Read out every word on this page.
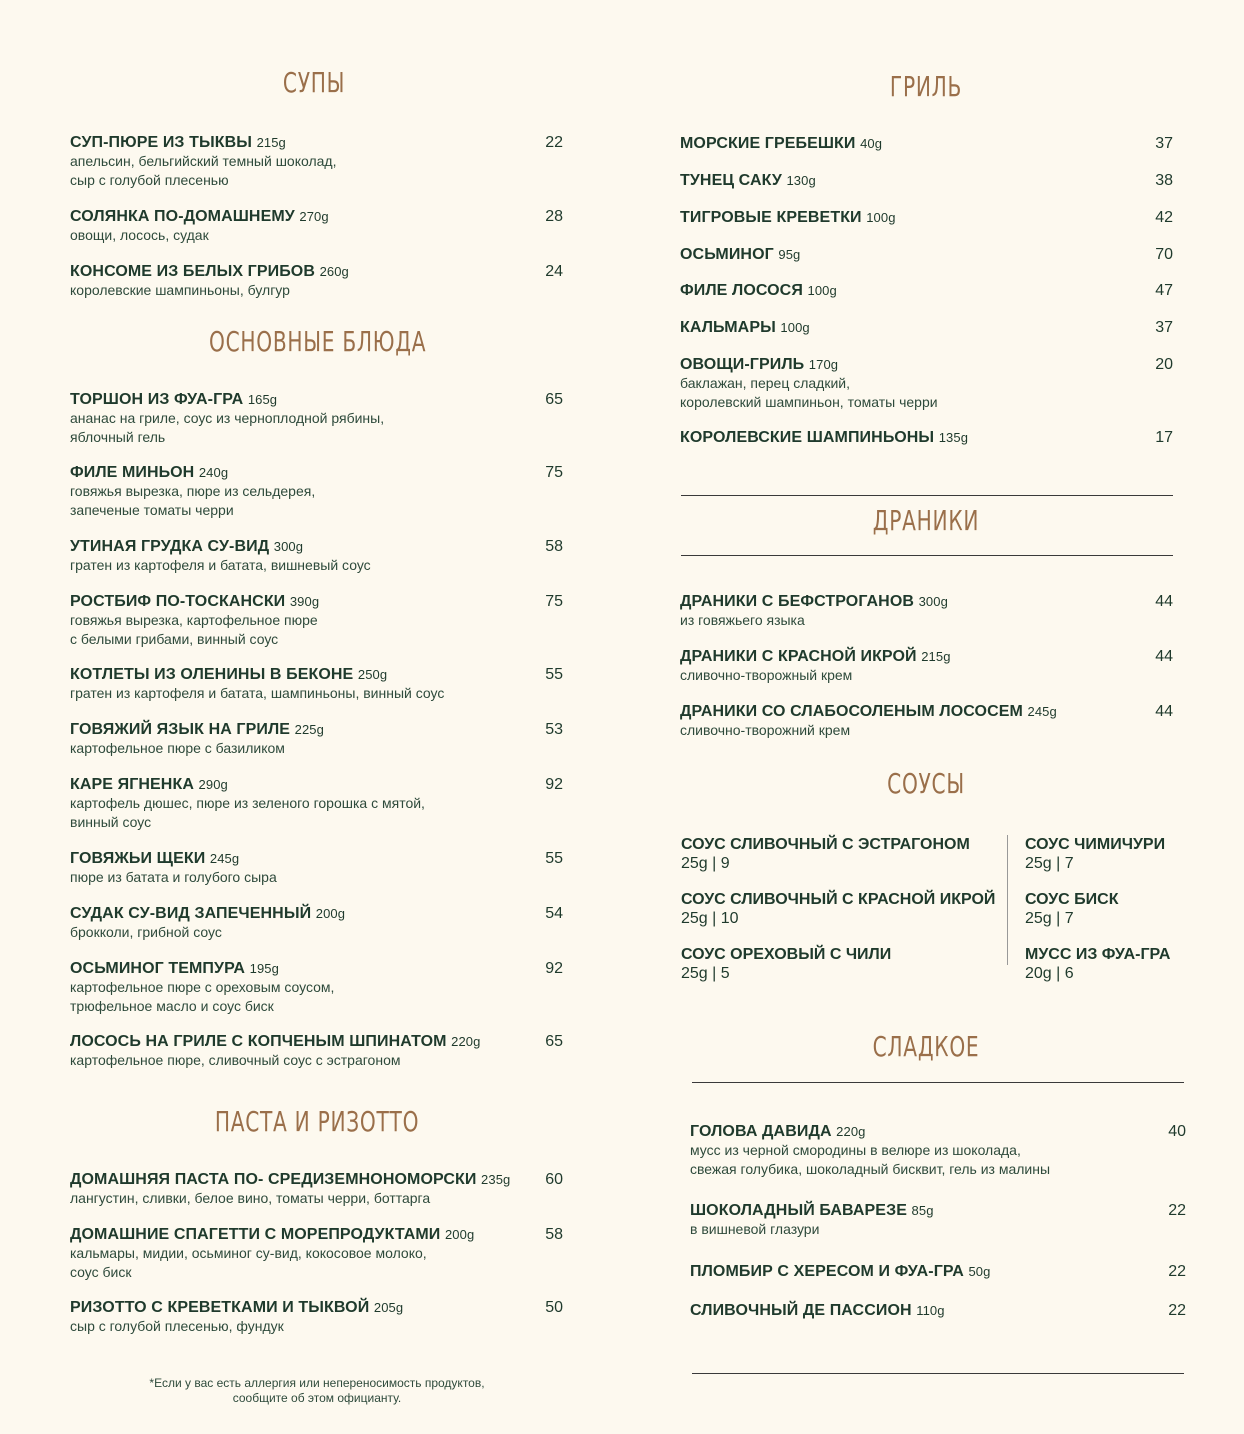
СУПЫ
СУП-ПЮРЕ ИЗ ТЫКВЫ 215g
апельсин, бельгийский темный шоколад,
сыр с голубой плесенью
22
СОЛЯНКА ПО-ДОМАШНЕМУ 270g
овощи, лосось, судак
28
КОНСОМЕ ИЗ БЕЛЫХ ГРИБОВ 260g
королевские шампиньоны, булгур
24
ОСНОВНЫЕ БЛЮДА
ТОРШОН ИЗ ФУА-ГРА 165g
ананас на гриле, соус из черноплодной рябины,
яблочный гель
65
ФИЛЕ МИНЬОН 240g
говяжья вырезка, пюре из сельдерея,
запеченые томаты черри
75
УТИНАЯ ГРУДКА СУ-ВИД 300g
гратен из картофеля и батата, вишневый соус
58
РОСТБИФ ПО-ТОСКАНСКИ 390g
говяжья вырезка, картофельное пюре
с белыми грибами, винный соус
75
КОТЛЕТЫ ИЗ ОЛЕНИНЫ В БЕКОНЕ 250g
гратен из картофеля и батата, шампиньоны, винный соус
55
ГОВЯЖИЙ ЯЗЫК НА ГРИЛЕ 225g
картофельное пюре с базиликом
53
КАРЕ ЯГНЕНКА 290g
картофель дюшес, пюре из зеленого горошка с мятой,
винный соус
92
ГОВЯЖЬИ ЩЕКИ 245g
пюре из батата и голубого сыра
55
СУДАК СУ-ВИД ЗАПЕЧЕННЫЙ 200g
брокколи, грибной соус
54
ОСЬМИНОГ ТЕМПУРА 195g
картофельное пюре с ореховым соусом,
трюфельное масло и соус биск
92
ЛОСОСЬ НА ГРИЛЕ С КОПЧЕНЫМ ШПИНАТОМ 220g
картофельное пюре, сливочный соус с эстрагоном
65
ПАСТА И РИЗОТТО
ДОМАШНЯЯ ПАСТА ПО- СРЕДИЗЕМНОНОМОРСКИ 235g
лангустин, сливки, белое вино, томаты черри, боттарга
60
ДОМАШНИЕ СПАГЕТТИ С МОРЕПРОДУКТАМИ 200g
кальмары, мидии, осьминог су-вид, кокосовое молоко,
соус биск
58
РИЗОТТО С КРЕВЕТКАМИ И ТЫКВОЙ 205g
сыр с голубой плесенью, фундук
50
*Если у вас есть аллергия или непереносимость продуктов,
сообщите об этом официанту.
ГРИЛЬ
МОРСКИЕ ГРЕБЕШКИ 40g	37
ТУНЕЦ САКУ 130g	38
ТИГРОВЫЕ КРЕВЕТКИ 100g	42
ОСЬМИНОГ 95g	70
ФИЛЕ ЛОСОСЯ 100g	47
КАЛЬМАРЫ 100g	37
ОВОЩИ-ГРИЛЬ 170g
баклажан, перец сладкий,
королевский шампиньон, томаты черри
20
КОРОЛЕВСКИЕ ШАМПИНЬОНЫ 135g	17
ДРАНИКИ
ДРАНИКИ С БЕФСТРОГАНОВ 300g
из говяжьего языка
44
ДРАНИКИ С КРАСНОЙ ИКРОЙ 215g
сливочно-творожный крем
44
ДРАНИКИ СО СЛАБОСОЛЕНЫМ ЛОСОСЕМ 245g
сливочно-творожний крем
44
СОУСЫ
СОУС СЛИВОЧНЫЙ С ЭСТРАГОНОМ
25g | 9
СОУС СЛИВОЧНЫЙ С КРАСНОЙ ИКРОЙ
25g | 10
СОУС ОРЕХОВЫЙ С ЧИЛИ
25g | 5
СОУС ЧИМИЧУРИ
25g | 7
СОУС БИСК
25g | 7
МУСС ИЗ ФУА-ГРА
20g | 6
СЛАДКОЕ
ГОЛОВА ДАВИДА 220g
мусс из черной смородины в велюре из шоколада,
свежая голубика, шоколадный бисквит, гель из малины
40
ШОКОЛАДНЫЙ БАВАРЕЗЕ 85g
в вишневой глазури
22
ПЛОМБИР С ХЕРЕСОМ И ФУА-ГРА 50g	22
СЛИВОЧНЫЙ ДЕ ПАССИОН 110g	22
